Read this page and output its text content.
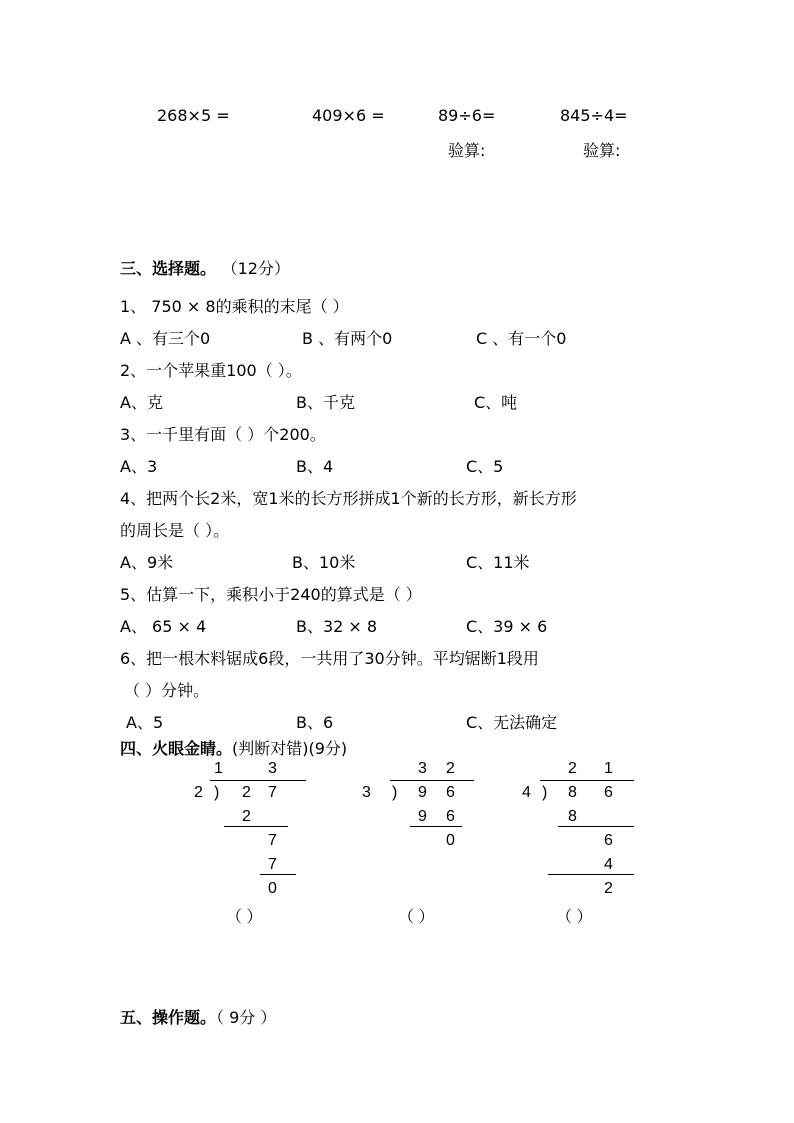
268×5 =	409×6 =	89÷6=	845÷4=
验算:	验算:
三、选择题。 （12分）
1、 750 × 8的乘积的末尾（ ）
A 、有三个0	B 、有两个0	C 、有一个0
2、一个苹果重100（ ）。
A、克	B、千克	C、吨
3、一千里有面（ ）个200。
A、3	B、4	C、5
4、把两个长2米，宽1米的长方形拼成1个新的长方形，新长方形
的周长是（ ）。
A、9米	B、10米	C、11米
5、估算一下，乘积小于240的算式是（ ）
A、 65 × 4	B、32 × 8	C、39 × 6
6、把一根木料锯成6段，一共用了30分钟。平均锯断1段用
（ ）分钟。
A、5	B、6	C、无法确定
四、火眼金睛。(判断对错)(9分)
1	3
2 ) 2 7
2
7
7
0
（ ）
3 2
3 ) 9 6
9 6
0
（ ）
2 1
4 ) 8 6
8
6
4
2
（ ）
五、操作题。（ 9分 ）
